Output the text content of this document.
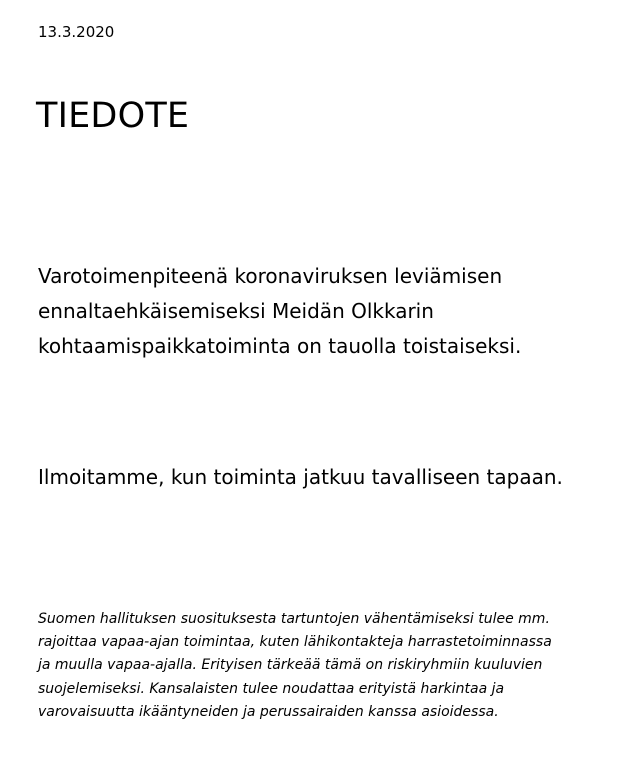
13.3.2020
TIEDOTE
Varotoimenpiteenä koronaviruksen leviämisen
ennaltaehkäisemiseksi Meidän Olkkarin
kohtaamispaikkatoiminta on tauolla toistaiseksi.
Ilmoitamme, kun toiminta jatkuu tavalliseen tapaan.
Suomen hallituksen suosituksesta tartuntojen vähentämiseksi tulee mm.
rajoittaa vapaa-ajan toimintaa, kuten lähikontakteja harrastetoiminnassa
ja muulla vapaa-ajalla. Erityisen tärkeää tämä on riskiryhmiin kuuluvien
suojelemiseksi. Kansalaisten tulee noudattaa erityistä harkintaa ja
varovaisuutta ikääntyneiden ja perussairaiden kanssa asioidessa.
